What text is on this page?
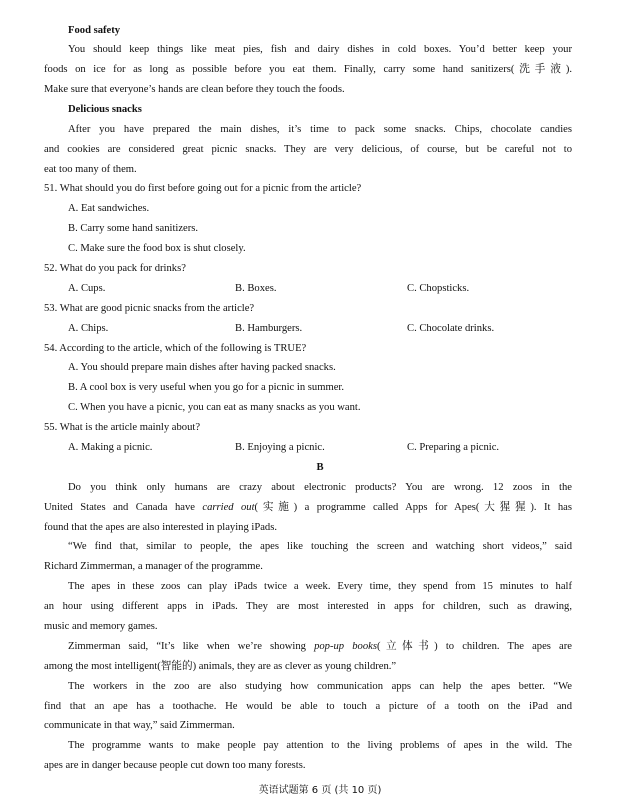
Food safety
You should keep things like meat pies, fish and dairy dishes in cold boxes. You’d better keep your
foods on ice for as long as possible before you eat them. Finally, carry some hand sanitizers(洗手液).
Make sure that everyone’s hands are clean before they touch the foods.
Delicious snacks
After you have prepared the main dishes, it’s time to pack some snacks. Chips, chocolate candies
and cookies are considered great picnic snacks. They are very delicious, of course, but be careful not to
eat too many of them.
51. What should you do first before going out for a picnic from the article?
A. Eat sandwiches.
B. Carry some hand sanitizers.
C. Make sure the food box is shut closely.
52. What do you pack for drinks?
A. Cups.	B. Boxes.	C. Chopsticks.
53. What are good picnic snacks from the article?
A. Chips.	B. Hamburgers.	C. Chocolate drinks.
54. According to the article, which of the following is TRUE?
A. You should prepare main dishes after having packed snacks.
B. A cool box is very useful when you go for a picnic in summer.
C. When you have a picnic, you can eat as many snacks as you want.
55. What is the article mainly about?
A. Making a picnic.	B. Enjoying a picnic.	C. Preparing a picnic.
B
Do you think only humans are crazy about electronic products? You are wrong. 12 zoos in the
United States and Canada have carried out(实施) a programme called Apps for Apes(大猩猩). It has
found that the apes are also interested in playing iPads.
“We find that, similar to people, the apes like touching the screen and watching short videos,” said
Richard Zimmerman, a manager of the programme.
The apes in these zoos can play iPads twice a week. Every time, they spend from 15 minutes to half
an hour using different apps in iPads. They are most interested in apps for children, such as drawing,
music and memory games.
Zimmerman said, “It’s like when we’re showing pop-up books(立体书) to children. The apes are
among the most intelligent(智能的) animals, they are as clever as young children.”
The workers in the zoo are also studying how communication apps can help the apes better. “We
find that an ape has a toothache. He would be able to touch a picture of a tooth on the iPad and
communicate in that way,” said Zimmerman.
The programme wants to make people pay attention to the living problems of apes in the wild. The
apes are in danger because people cut down too many forests.
英语试题第 6 页 (共 10 页)
